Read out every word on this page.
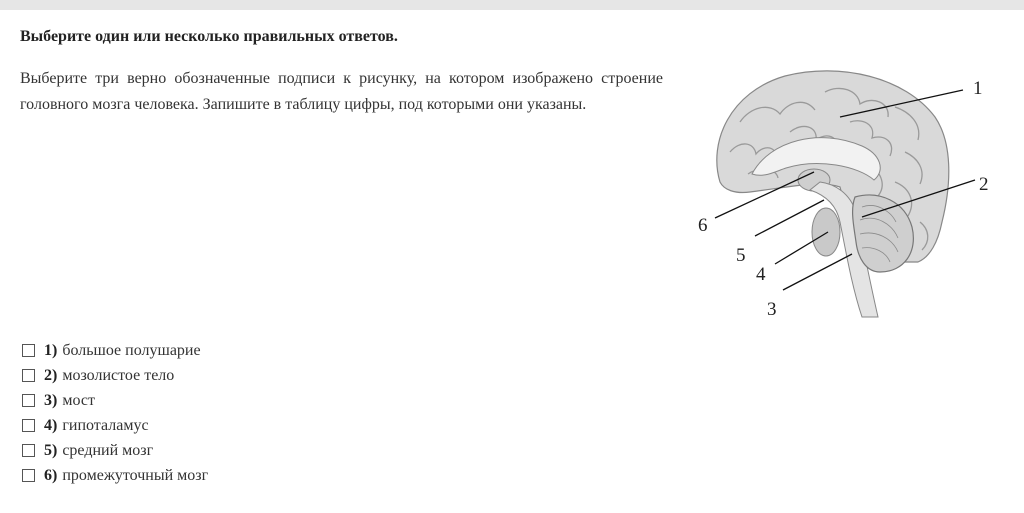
Выберите один или несколько правильных ответов.
Выберите три верно обозначенные подписи к рисунку, на котором изображено строение головного мозга человека. Запишите в таблицу цифры, под которыми они указаны.
1
2
3
4
5
6
1) большое полушарие
2) мозолистое тело
3) мост
4) гипоталамус
5) средний мозг
6) промежуточный мозг
